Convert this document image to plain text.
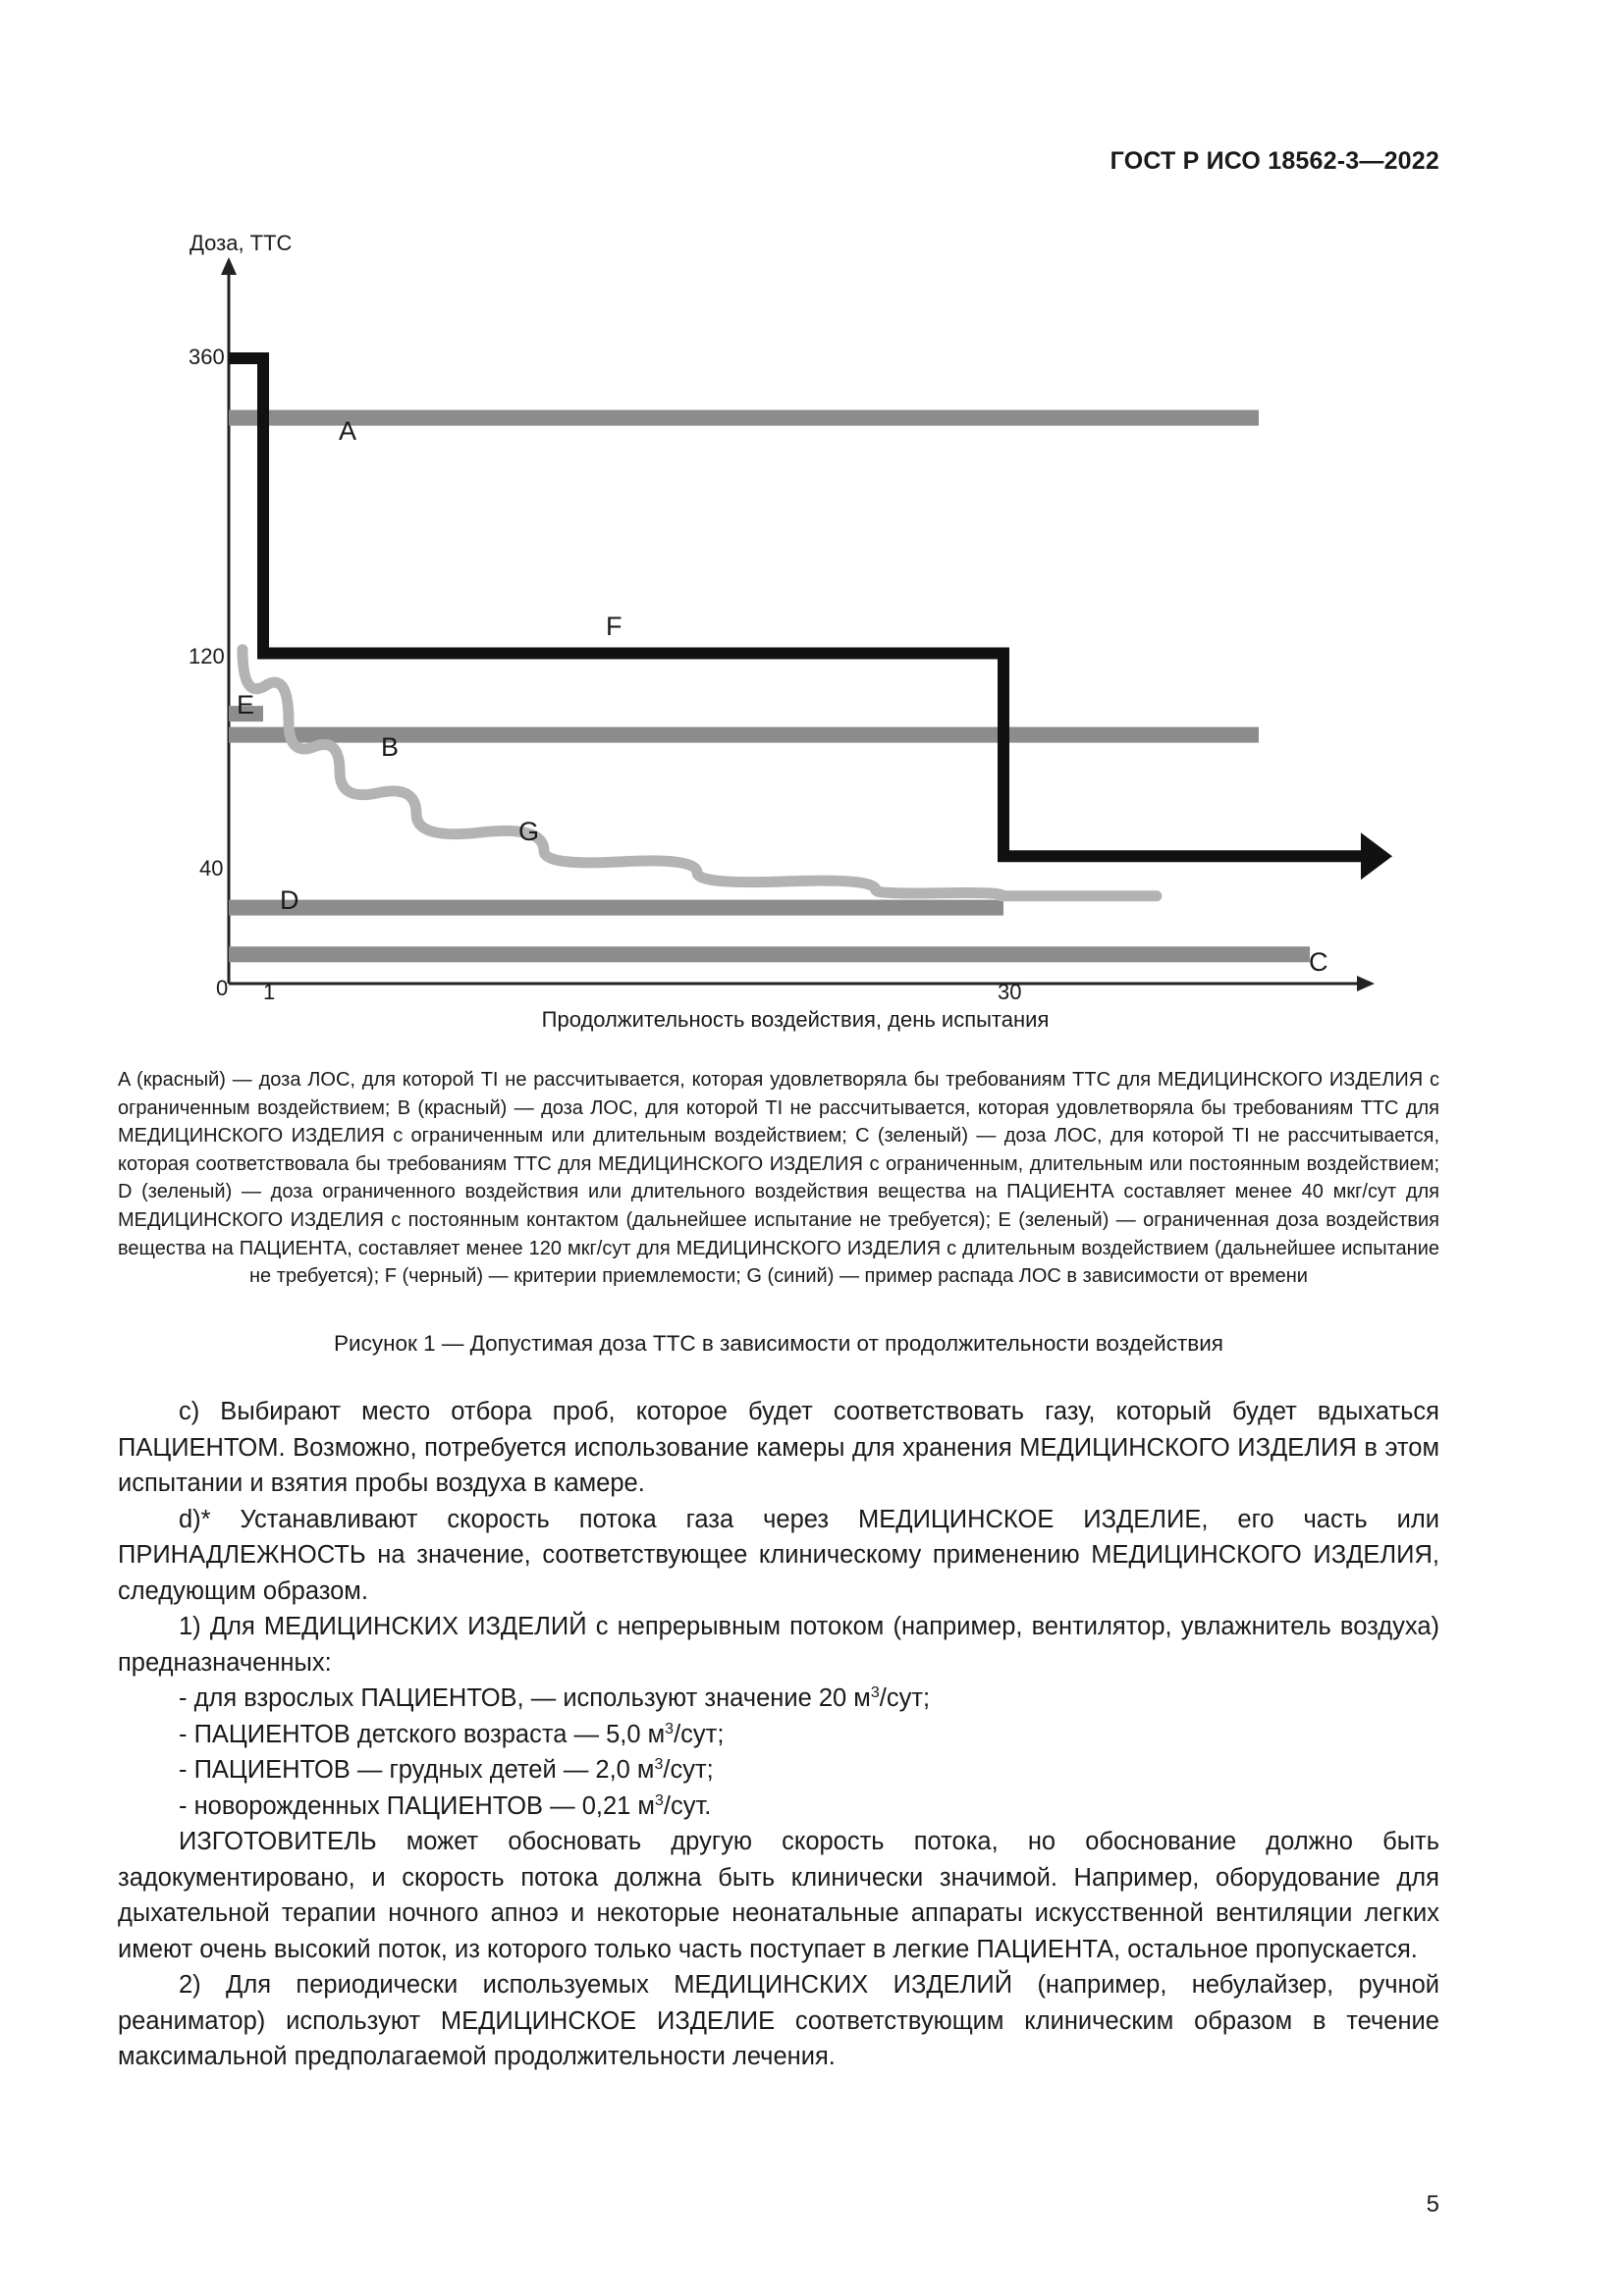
ГОСТ Р ИСО 18562-3—2022
Доза, ТТС
Продолжительность воздействия, день испытания
0
360
120
40
1	30
A
B
C
D
E
F
G
A (красный) — доза ЛОС, для которой TI не рассчитывается, которая удовлетворяла бы требованиям ТТС для МЕДИЦИНСКОГО ИЗДЕЛИЯ с ограниченным воздействием; B (красный) — доза ЛОС, для которой TI не рассчитывается, которая удовлетворяла бы требованиям ТТС для МЕДИЦИНСКОГО ИЗДЕЛИЯ с ограниченным или длительным воздействием; C (зеленый) — доза ЛОС, для которой TI не рассчитывается, которая соответствовала бы требованиям ТТС для МЕДИЦИНСКОГО ИЗДЕЛИЯ с ограниченным, длительным или постоянным воздействием; D (зеленый) — доза ограниченного воздействия или длительного воздействия вещества на ПАЦИЕНТА составляет менее 40 мкг/сут для МЕДИЦИНСКОГО ИЗДЕЛИЯ с постоянным контактом (дальнейшее испытание не требуется); E (зеленый) — ограниченная доза воздействия вещества на ПАЦИЕНТА, составляет менее 120 мкг/сут для МЕДИЦИНСКОГО ИЗДЕЛИЯ с длительным воздействием (дальнейшее испытание не требуется); F (черный) — критерии приемлемости; G (синий) — пример распада ЛОС в зависимости от времени
Рисунок 1 — Допустимая доза ТТС в зависимости от продолжительности воздействия

c) Выбирают место отбора проб, которое будет соответствовать газу, который будет вдыхаться ПАЦИЕНТОМ. Возможно, потребуется использование камеры для хранения МЕДИЦИНСКОГО ИЗДЕЛИЯ в этом испытании и взятия пробы воздуха в камере.

d)* Устанавливают скорость потока газа через МЕДИЦИНСКОЕ ИЗДЕЛИЕ, его часть или ПРИНАДЛЕЖНОСТЬ на значение, соответствующее клиническому применению МЕДИЦИНСКОГО ИЗДЕЛИЯ, следующим образом.

1) Для МЕДИЦИНСКИХ ИЗДЕЛИЙ с непрерывным потоком (например, вентилятор, увлажнитель воздуха) предназначенных:

- для взрослых ПАЦИЕНТОВ, — используют значение 20 $м^3$/сут;

- ПАЦИЕНТОВ детского возраста — 5,0 $м^3$/сут;

- ПАЦИЕНТОВ — грудных детей — 2,0 $м^3$/сут;

- новорожденных ПАЦИЕНТОВ — 0,21 $м^3$/сут.

ИЗГОТОВИТЕЛЬ может обосновать другую скорость потока, но обоснование должно быть задокументировано, и скорость потока должна быть клинически значимой. Например, оборудование для дыхательной терапии ночного апноэ и некоторые неонатальные аппараты искусственной вентиляции легких имеют очень высокий поток, из которого только часть поступает в легкие ПАЦИЕНТА, остальное пропускается.

2) Для периодически используемых МЕДИЦИНСКИХ ИЗДЕЛИЙ (например, небулайзер, ручной реаниматор) используют МЕДИЦИНСКОЕ ИЗДЕЛИЕ соответствующим клиническим образом в течение максимальной предполагаемой продолжительности лечения.

5
